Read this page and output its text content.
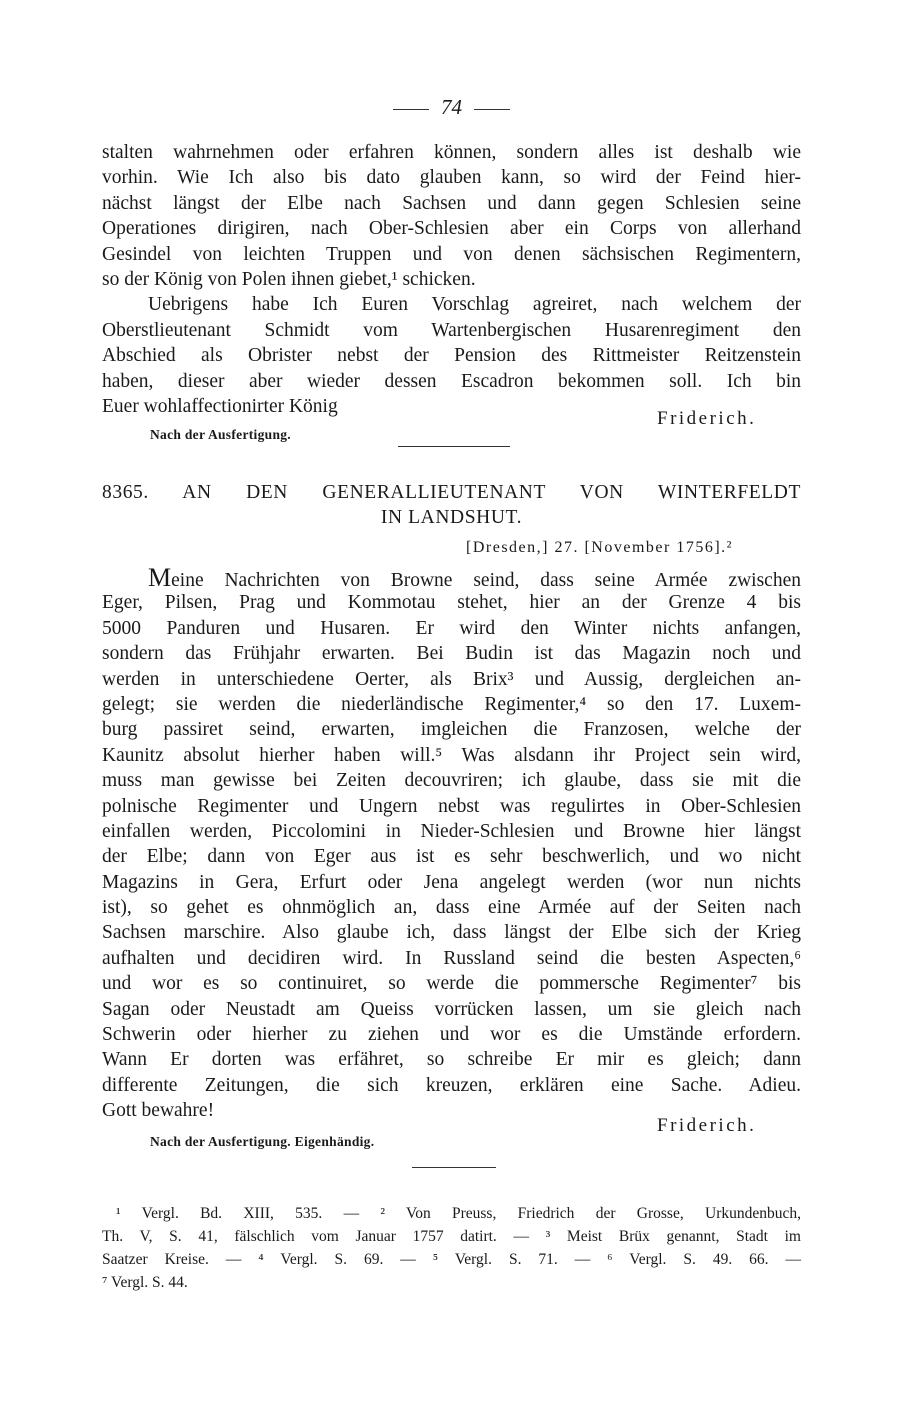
74
stalten wahrnehmen oder erfahren können, sondern alles ist deshalb wie
vorhin. Wie Ich also bis dato glauben kann, so wird der Feind hier-
nächst längst der Elbe nach Sachsen und dann gegen Schlesien seine
Operationes dirigiren, nach Ober-Schlesien aber ein Corps von allerhand
Gesindel von leichten Truppen und von denen sächsischen Regimentern,
so der König von Polen ihnen giebet,¹ schicken.
Uebrigens habe Ich Euren Vorschlag agreiret, nach welchem der
Oberstlieutenant Schmidt vom Wartenbergischen Husarenregiment den
Abschied als Obrister nebst der Pension des Rittmeister Reitzenstein
haben, dieser aber wieder dessen Escadron bekommen soll. Ich bin
Euer wohlaffectionirter König
Friderich.
Nach der Ausfertigung.
8365. AN DEN GENERALLIEUTENANT VON WINTERFELDT
IN LANDSHUT.
[Dresden,] 27. [November 1756].²
Meine Nachrichten von Browne seind, dass seine Armée zwischen
Eger, Pilsen, Prag und Kommotau stehet, hier an der Grenze 4 bis
5000 Panduren und Husaren. Er wird den Winter nichts anfangen,
sondern das Frühjahr erwarten. Bei Budin ist das Magazin noch und
werden in unterschiedene Oerter, als Brix³ und Aussig, dergleichen an-
gelegt; sie werden die niederländische Regimenter,⁴ so den 17. Luxem-
burg passiret seind, erwarten, imgleichen die Franzosen, welche der
Kaunitz absolut hierher haben will.⁵ Was alsdann ihr Project sein wird,
muss man gewisse bei Zeiten decouvriren; ich glaube, dass sie mit die
polnische Regimenter und Ungern nebst was regulirtes in Ober-Schlesien
einfallen werden, Piccolomini in Nieder-Schlesien und Browne hier längst
der Elbe; dann von Eger aus ist es sehr beschwerlich, und wo nicht
Magazins in Gera, Erfurt oder Jena angelegt werden (wor nun nichts
ist), so gehet es ohnmöglich an, dass eine Armée auf der Seiten nach
Sachsen marschire. Also glaube ich, dass längst der Elbe sich der Krieg
aufhalten und decidiren wird. In Russland seind die besten Aspecten,⁶
und wor es so continuiret, so werde die pommersche Regimenter⁷ bis
Sagan oder Neustadt am Queiss vorrücken lassen, um sie gleich nach
Schwerin oder hierher zu ziehen und wor es die Umstände erfordern.
Wann Er dorten was erfähret, so schreibe Er mir es gleich; dann
differente Zeitungen, die sich kreuzen, erklären eine Sache. Adieu.
Gott bewahre!
Friderich.
Nach der Ausfertigung. Eigenhändig.
¹ Vergl. Bd. XIII, 535. — ² Von Preuss, Friedrich der Grosse, Urkundenbuch,
Th. V, S. 41, fälschlich vom Januar 1757 datirt. — ³ Meist Brüx genannt, Stadt im
Saatzer Kreise. — ⁴ Vergl. S. 69. — ⁵ Vergl. S. 71. — ⁶ Vergl. S. 49. 66. —
⁷ Vergl. S. 44.
